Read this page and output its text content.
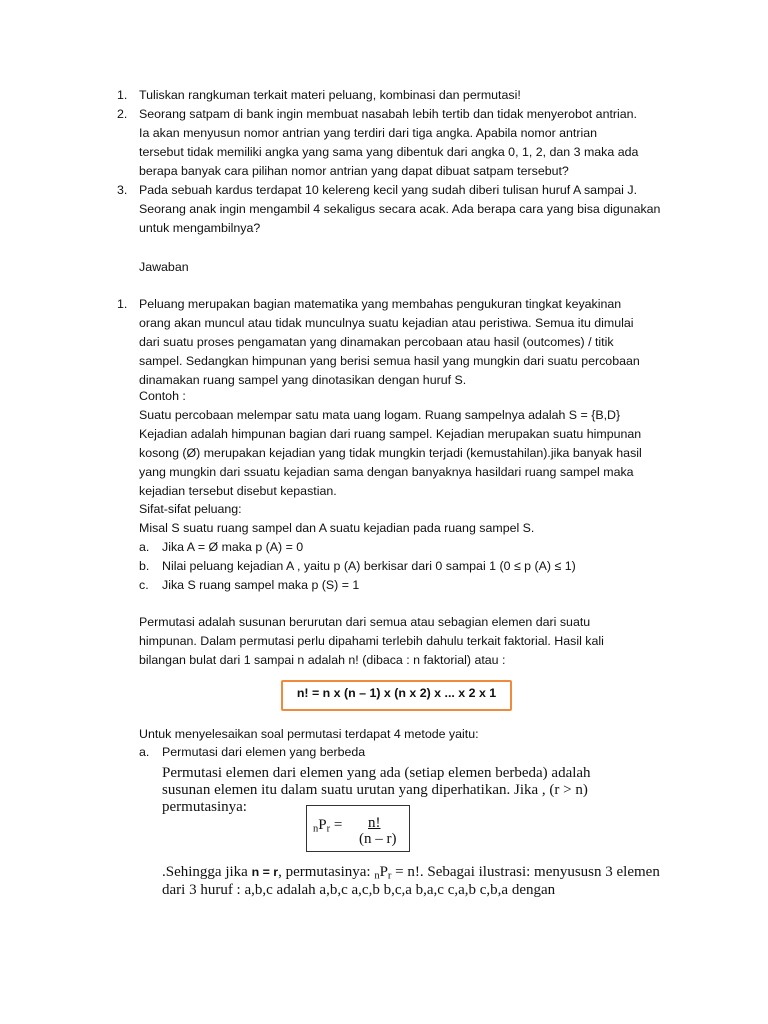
1. Tuliskan rangkuman terkait materi peluang, kombinasi dan permutasi!
2. Seorang satpam di bank ingin membuat nasabah lebih tertib dan tidak menyerobot antrian.
Ia akan menyusun nomor antrian yang terdiri dari tiga angka. Apabila nomor antrian
tersebut tidak memiliki angka yang sama yang dibentuk dari angka 0, 1, 2, dan 3 maka ada
berapa banyak cara pilihan nomor antrian yang dapat dibuat satpam tersebut?
3. Pada sebuah kardus terdapat 10 kelereng kecil yang sudah diberi tulisan huruf A sampai J.
Seorang anak ingin mengambil 4 sekaligus secara acak. Ada berapa cara yang bisa digunakan
untuk mengambilnya?
Jawaban
1. Peluang merupakan bagian matematika yang membahas pengukuran tingkat keyakinan
orang akan muncul atau tidak munculnya suatu kejadian atau peristiwa. Semua itu dimulai
dari suatu proses pengamatan yang dinamakan percobaan atau hasil (outcomes) / titik
sampel. Sedangkan himpunan yang berisi semua hasil yang mungkin dari suatu percobaan
dinamakan ruang sampel yang dinotasikan dengan huruf S.
Contoh :
Suatu percobaan melempar satu mata uang logam. Ruang sampelnya adalah S = {B,D}
Kejadian adalah himpunan bagian dari ruang sampel. Kejadian merupakan suatu himpunan
kosong (Ø) merupakan kejadian yang tidak mungkin terjadi (kemustahilan).jika banyak hasil
yang mungkin dari ssuatu kejadian sama dengan banyaknya hasildari ruang sampel maka
kejadian tersebut disebut kepastian.
Sifat-sifat peluang:
Misal S suatu ruang sampel dan A suatu kejadian pada ruang sampel S.
a. Jika A = Ø maka p (A) = 0
b. Nilai peluang kejadian A , yaitu p (A) berkisar dari 0 sampai 1 (0 ≤ p (A) ≤ 1)
c. Jika S ruang sampel maka p (S) = 1
Permutasi adalah susunan berurutan dari semua atau sebagian elemen dari suatu
himpunan. Dalam permutasi perlu dipahami terlebih dahulu terkait faktorial. Hasil kali
bilangan bulat dari 1 sampai n adalah n! (dibaca : n faktorial) atau :
n! = n x (n – 1) x (n x 2) x ... x 2 x 1
Untuk menyelesaikan soal permutasi terdapat 4 metode yaitu:
a. Permutasi dari elemen yang berbeda
Permutasi elemen dari elemen yang ada (setiap elemen berbeda) adalah
susunan elemen itu dalam suatu urutan yang diperhatikan. Jika , (r > n)
permutasinya:
$_nP_r = n$!
(n – r)
.Sehingga jika n = r, permutasinya: $_nP_r = n$!. Sebagai ilustrasi: menyususn 3 elemen
dari 3 huruf : a,b,c adalah a,b,c a,c,b b,c,a b,a,c c,a,b c,b,a dengan
